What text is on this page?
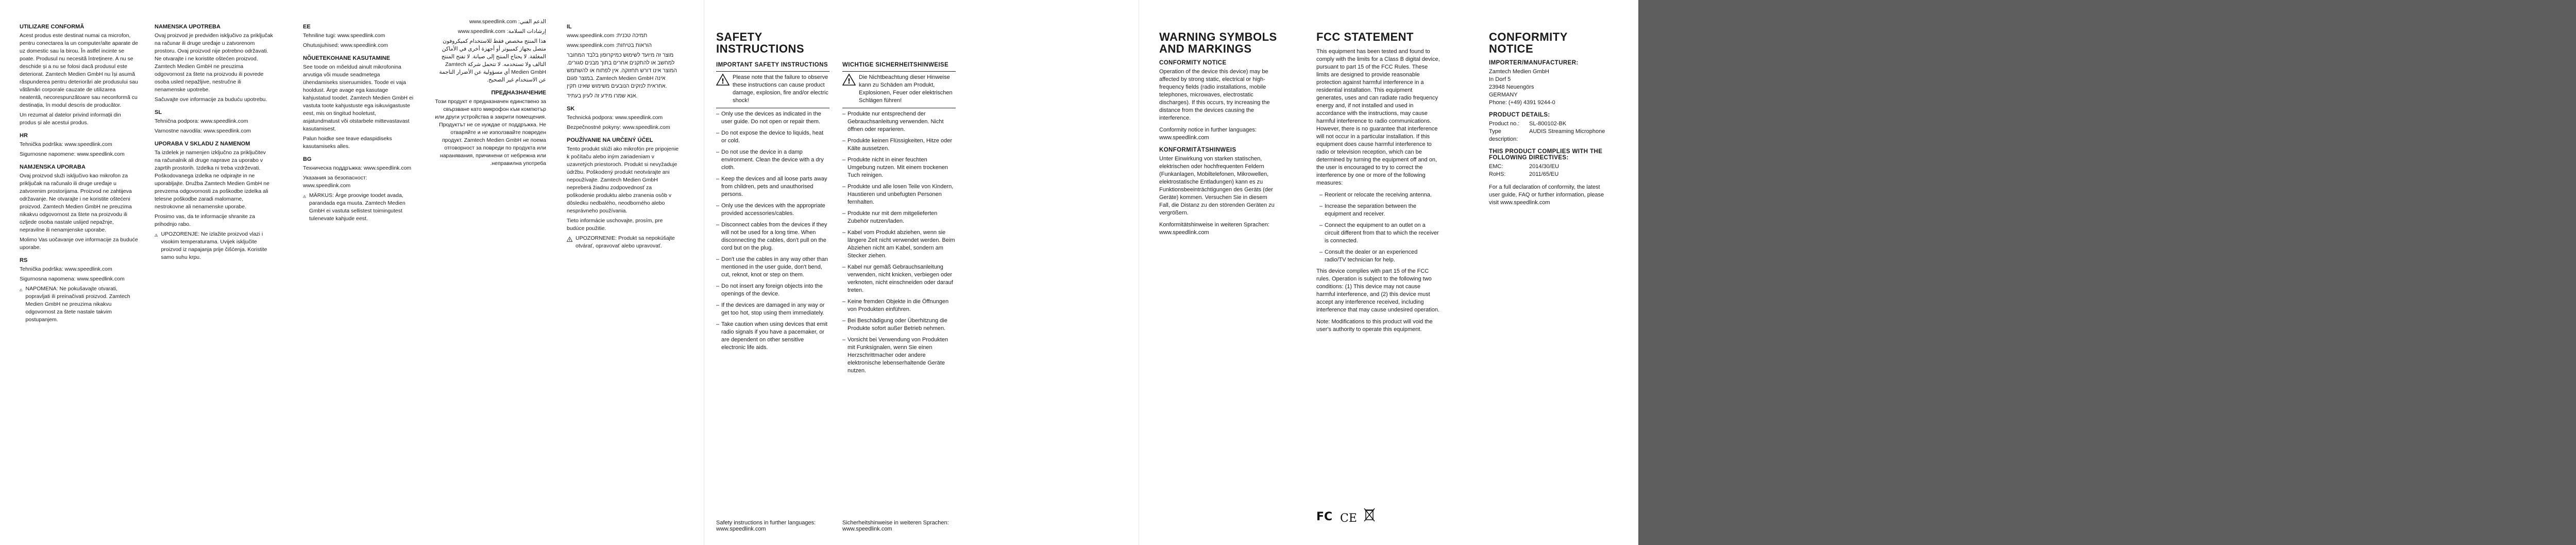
UTILIZARE CONFORMĂ
Acest produs este destinat numai ca microfon, pentru conectarea la un computer/alte aparate de uz domestic sau la birou. În astfel incinte se poate. Produsul nu necesită întreținere. A nu se deschide și a nu se folosi dacă produsul este deteriorat. Zamtech Medien GmbH nu își asumă răspunderea pentru deteriorări ale produsului sau vătămări corporale cauzate de utilizarea neatentă, necorespunzătoare sau neconformă cu destinația, în modul descris de producător.
Un rezumat al datelor privind informații din produs și ale acestui produs.
HR
Tehnička podrška: www.speedlink.com
Sigurnosne napomene: www.speedlink.com
NAMJENSKA UPORABA
Ovaj proizvod služi isključivo kao mikrofon za priključak na računalo ili druge uređaje u zatvorenim prostorijama. Proizvod ne zahtijeva održavanje. Ne otvarajte i ne koristite oštećeni proizvod. Zamtech Medien GmbH ne preuzima nikakvu odgovornost za štete na proizvodu ili ozljede osoba nastale uslijed nepažnje, nepravilne ili nenamjenske uporabe.
Molimo Vas uočavanje ove informacije za buduće uporabe.
RS
Tehnička podrška: www.speedlink.com
Sigurnosna napomena: www.speedlink.com
! NAPOMENA: Ne pokušavajte otvarati, popravljati ili preinačivati proizvod. Zamtech Medien GmbH ne preuzima nikakvu odgovornost za štete nastale takvim postupanjem.
NAMENSKA UPOTREBA
Ovaj proizvod je predviđen isključivo za priključak na računar ili druge uređaje u zatvorenom prostoru. Ovaj proizvod nije potrebno održavati. Ne otvarajte i ne koristite oštećen proizvod. Zamtech Medien GmbH ne preuzima odgovornost za štete na proizvodu ili povrede osoba usled nepažljive, nestručne ili nenamenske upotrebe.
Sačuvajte ove informacije za buduću upotrebu.
SL
Tehnična podpora: www.speedlink.com
Varnostne navodila: www.speedlink.com
UPORABA V SKLADU Z NAMENOM
Ta izdelek je namenjen izključno za priključitev na računalnik ali druge naprave za uporabo v zaprtih prostorih. Izdelka ni treba vzdrževati. Poškodovanega izdelka ne odpirajte in ne uporabljajte. Družba Zamtech Medien GmbH ne prevzema odgovornosti za poškodbe izdelka ali telesne poškodbe zaradi malomarne, nestrokovne ali nenamenske uporabe.
Prosimo vas, da te informacije shranite za prihodnjo rabo.
! UPOZORENJE: Ne izlažite proizvod vlazi i visokim temperaturama. Uvijek isključite proizvod iz napajanja prije čišćenja. Koristite samo suhu krpu.
EE
Tehniline tugi: www.speedlink.com
Ohutusjuhised: www.speedlink.com
NÕUETEKOHANE KASUTAMINE
See toode on mõeldud ainult mikrofonina arvutiga või muude seadmetega ühendamiseks siseruumides. Toode ei vaja hooldust. Ärge avage ega kasutage kahjustatud toodet. Zamtech Medien GmbH ei vastuta toote kahjustuste ega isikuvigastuste eest, mis on tingitud hooletust, asjatundmatust või otstarbele mittevastavast kasutamisest.
Palun hoidke see teave edaspidiseks kasutamiseks alles.
BG
Техническа поддръжка: www.speedlink.com
Указания за безопасност: www.speedlink.com
! MÄRKUS: Ärge proovige toodet avada, parandada ega muuta. Zamtech Medien GmbH ei vastuta sellistest toimingutest tulenevate kahjude eest.
الدعم الفني: www.speedlink.com
إرشادات السلامة: www.speedlink.com
هذا المنتج مخصص فقط للاستخدام كميكروفون متصل بجهاز كمبيوتر أو أجهزة أخرى في الأماكن المغلقة. لا يحتاج المنتج إلى صيانة. لا تفتح المنتج التالف ولا تستخدمه. لا تتحمل شركة Zamtech Medien GmbH أي مسؤولية عن الأضرار الناجمة عن الاستخدام غير الصحيح.
ПРЕДНАЗНАЧЕНИЕ
Този продукт е предназначен единствено за свързване като микрофон към компютър или други устройства в закрити помещения. Продуктът не се нуждае от поддръжка. Не отваряйте и не използвайте повреден продукт. Zamtech Medien GmbH не поема отговорност за повреди по продукта или наранявания, причинени от небрежна или неправилна употреба.
IL
www.speedlink.com :תמיכה טכנית
www.speedlink.com :הוראות בטיחות
מוצר זה מיועד לשימוש כמיקרופון בלבד המחובר למחשב או להתקנים אחרים בתוך מבנים סגורים. המוצר אינו דורש תחזוקה. אין לפתוח או להשתמש במוצר פגום. Zamtech Medien GmbH אינה אחראית לנזקים הנובעים משימוש שאינו תקין.
אנא שמרו מידע זה לעיון בעתיד.
SK
Technická podpora: www.speedlink.com
Bezpečnostné pokyny: www.speedlink.com
POUŽÍVANIE NA URČENÝ ÚČEL
Tento produkt slúži ako mikrofón pre pripojenie k počítaču alebo iným zariadeniam v uzavretých priestoroch. Produkt si nevyžaduje údržbu. Poškodený produkt neotvárajte ani nepoužívajte. Zamtech Medien GmbH nepreberá žiadnu zodpovednosť za poškodenie produktu alebo zranenia osôb v dôsledku nedbalého, neodborného alebo nesprávneho používania.
Tieto informácie uschovajte, prosím, pre budúce použitie.
! UPOZORNENIE: Produkt sa nepokúšajte otvárať, opravovať alebo upravovať.
SAFETY INSTRUCTIONS
IMPORTANT SAFETY INSTRUCTIONS
!
Please note that the failure to observe these instructions can cause product damage, explosion, fire and/or electric shock!
– Only use the devices as indicated in the user guide. Do not open or repair them.
– Do not expose the device to liquids, heat or cold.
– Do not use the device in a damp environment. Clean the device with a dry cloth.
– Keep the devices and all loose parts away from children, pets and unauthorised persons.
– Only use the devices with the appropriate provided accessories/cables.
– Disconnect cables from the devices if they will not be used for a long time. When disconnecting the cables, don't pull on the cord but on the plug.
– Don't use the cables in any way other than mentioned in the user guide, don't bend, cut, reknot, knot or step on them.
– Do not insert any foreign objects into the openings of the device.
– If the devices are damaged in any way or get too hot, stop using them immediately.
– Take caution when using devices that emit radio signals if you have a pacemaker, or are dependent on other sensitive electronic life aids.
Safety instructions in further languages: www.speedlink.com
WICHTIGE SICHERHEITSHINWEISE
!
Die Nichtbeachtung dieser Hinweise kann zu Schäden am Produkt, Explosionen, Feuer oder elektrischen Schlägen führen!
– Produkte nur entsprechend der Gebrauchsanleitung verwenden. Nicht öffnen oder reparieren.
– Produkte keinen Flüssigkeiten, Hitze oder Kälte aussetzen.
– Produkte nicht in einer feuchten Umgebung nutzen. Mit einem trockenen Tuch reinigen.
– Produkte und alle losen Teile von Kindern, Haustieren und unbefugten Personen fernhalten.
– Produkte nur mit dem mitgelieferten Zubehör nutzen/laden.
– Kabel vom Produkt abziehen, wenn sie längere Zeit nicht verwendet werden. Beim Abziehen nicht am Kabel, sondern am Stecker ziehen.
– Kabel nur gemäß Gebrauchsanleitung verwenden, nicht knicken, verbiegen oder verknoten, nicht einschneiden oder darauf treten.
– Keine fremden Objekte in die Öffnungen von Produkten einführen.
– Bei Beschädigung oder Überhitzung die Produkte sofort außer Betrieb nehmen.
– Vorsicht bei Verwendung von Produkten mit Funksignalen, wenn Sie einen Herzschrittmacher oder andere elektronische lebenserhaltende Geräte nutzen.
Sicherheitshinweise in weiteren Sprachen: www.speedlink.com
WARNING SYMBOLS AND MARKINGS
CONFORMITY NOTICE
Operation of the device this device) may be affected by strong static, electrical or high-frequency fields (radio installations, mobile telephones, microwaves, electrostatic discharges). If this occurs, try increasing the distance from the devices causing the interference.
Conformity notice in further languages: www.speedlink.com
KONFORMITÄTSHINWEIS
Unter Einwirkung von starken statischen, elektrischen oder hochfrequenten Feldern (Funkanlagen, Mobiltelefonen, Mikrowellen, elektrostatische Entladungen) kann es zu Funktionsbeeinträchtigungen des Geräts (der Geräte) kommen. Versuchen Sie in diesem Fall, die Distanz zu den störenden Geräten zu vergrößern.
Konformitätshinweise in weiteren Sprachen: www.speedlink.com
FCC STATEMENT
This equipment has been tested and found to comply with the limits for a Class B digital device, pursuant to part 15 of the FCC Rules. These limits are designed to provide reasonable protection against harmful interference in a residential installation. This equipment generates, uses and can radiate radio frequency energy and, if not installed and used in accordance with the instructions, may cause harmful interference to radio communications. However, there is no guarantee that interference will not occur in a particular installation. If this equipment does cause harmful interference to radio or television reception, which can be determined by turning the equipment off and on, the user is encouraged to try to correct the interference by one or more of the following measures:
– Reorient or relocate the receiving antenna.
– Increase the separation between the equipment and receiver.
– Connect the equipment to an outlet on a circuit different from that to which the receiver is connected.
– Consult the dealer or an experienced radio/TV technician for help.
This device complies with part 15 of the FCC rules. Operation is subject to the following two conditions: (1) This device may not cause harmful interference, and (2) this device must accept any interference received, including interference that may cause undesired operation.
Note: Modifications to this product will void the user's authority to operate this equipment.
FC CE
CONFORMITY NOTICE
IMPORTER/MANUFACTURER:
Zamtech Medien GmbH
In Dorf 5
23948 Neuengörs
GERMANY
Phone: (+49) 4391 9244-0
PRODUCT DETAILS:
Product no.:	SL-800102-BK
Type description:
AUDIS Streaming Microphone
THIS PRODUCT COMPLIES WITH THE FOLLOWING DIRECTIVES:
EMC:	2014/30/EU
RoHS:	2011/65/EU
For a full declaration of conformity, the latest user guide, FAQ or further information, please visit www.speedlink.com
